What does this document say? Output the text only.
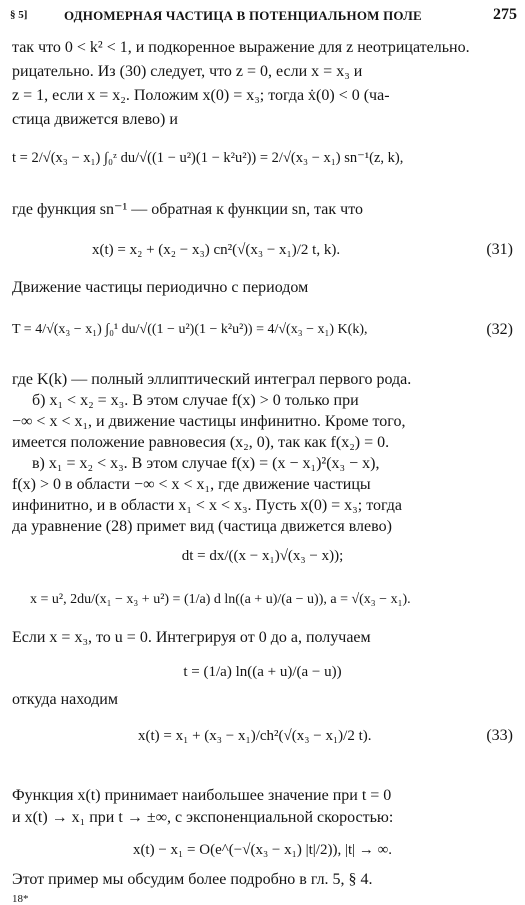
§ 5]	ОДНОМЕРНАЯ ЧАСТИЦА В ПОТЕНЦИАЛЬНОМ ПОЛЕ	275
так что 0 < k² < 1, и подкоренное выражение для z неотрицательно.
рицательно. Из (30) следует, что z = 0, если x = x₃ и
z = 1, если x = x₂. Положим x(0) = x₃; тогда ẋ(0) < 0 (ча-
стица движется влево) и
t = 2/√(x₃ − x₁) ∫₀ᶻ du/√((1 − u²)(1 − k²u²)) = 2/√(x₃ − x₁) sn⁻¹(z, k),
где функция sn⁻¹ — обратная к функции sn, так что
x(t) = x₂ + (x₂ − x₃) cn²(√(x₃ − x₁)/2 t, k).	(31)
Движение частицы периодично с периодом
T = 4/√(x₃ − x₁) ∫₀¹ du/√((1 − u²)(1 − k²u²)) = 4/√(x₃ − x₁) K(k),	(32)
где K(k) — полный эллиптический интеграл первого рода.
б) x₁ < x₂ = x₃. В этом случае f(x) > 0 только при
−∞ < x < x₁, и движение частицы инфинитно. Кроме того,
имеется положение равновесия (x₂, 0), так как f(x₂) = 0.
в) x₁ = x₂ < x₃. В этом случае f(x) = (x − x₁)²(x₃ − x),
f(x) > 0 в области −∞ < x < x₁, где движение частицы
инфинитно, и в области x₁ < x < x₃. Пусть x(0) = x₃; тогда
да уравнение (28) примет вид (частица движется влево)
dt = dx/((x − x₁)√(x₃ − x));
x = u², 2du/(x₁ − x₃ + u²) = (1/a) d ln((a + u)/(a − u)), a = √(x₃ − x₁).
Если x = x₃, то u = 0. Интегрируя от 0 до a, получаем
t = (1/a) ln((a + u)/(a − u))
откуда находим
x(t) = x₁ + (x₃ − x₁)/ch²(√(x₃ − x₁)/2 t).	(33)
Функция x(t) принимает наибольшее значение при t = 0
и x(t) → x₁ при t → ±∞, с экспоненциальной скоростью:
x(t) − x₁ = O(e^(−√(x₃ − x₁) |t|/2)), |t| → ∞.
Этот пример мы обсудим более подробно в гл. 5, § 4.
18*
